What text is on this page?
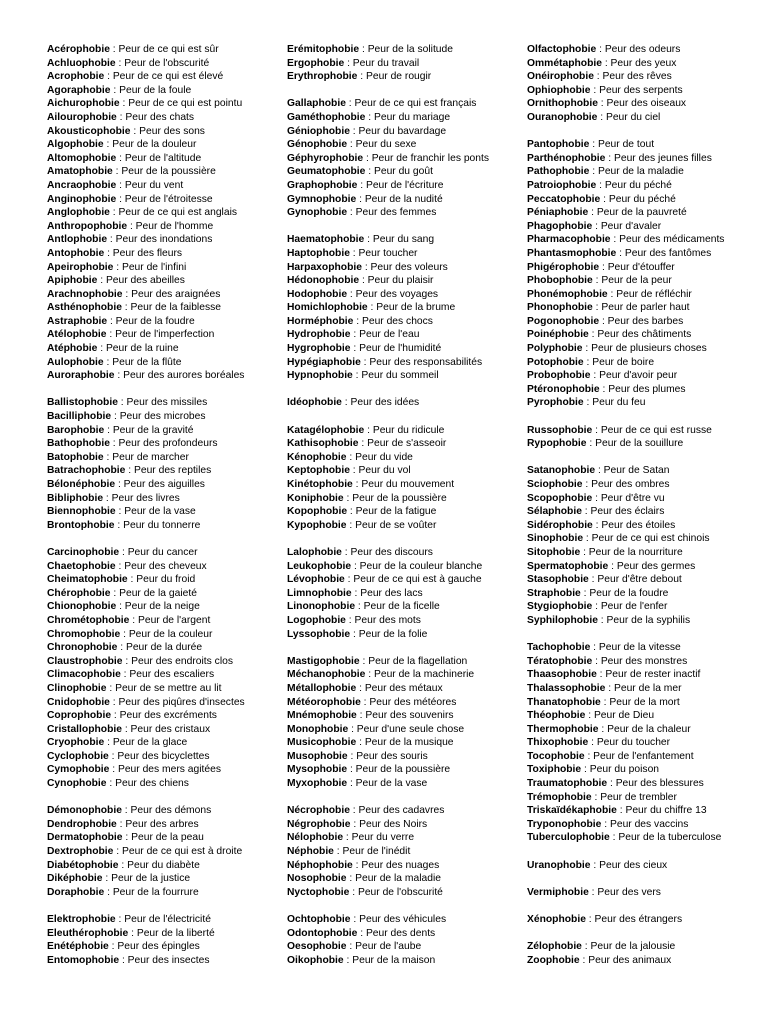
Acérophobie : Peur de ce qui est sûr

Achluophobie : Peur de l'obscurité

Acrophobie : Peur de ce qui est élevé

Agoraphobie : Peur de la foule

Aichurophobie : Peur de ce qui est pointu

Ailourophobie : Peur des chats

Akousticophobie : Peur des sons

Algophobie : Peur de la douleur

Altomophobie : Peur de l'altitude

Amatophobie : Peur de la poussière

Ancraophobie : Peur du vent

Anginophobie : Peur de l'étroitesse

Anglophobie : Peur de ce qui est anglais

Anthropophobie : Peur de l'homme

Antlophobie : Peur des inondations

Antophobie : Peur des fleurs

Apeirophobie : Peur de l'infini

Apiphobie : Peur des abeilles

Arachnophobie : Peur des araignées

Asthénophobie : Peur de la faiblesse

Astraphobie : Peur de la foudre

Atélophobie : Peur de l'imperfection

Atéphobie : Peur de la ruine

Aulophobie : Peur de la flûte

Auroraphobie : Peur des aurores boréales

Ballistophobie : Peur des missiles

Bacilliphobie : Peur des microbes

Barophobie : Peur de la gravité

Bathophobie : Peur des profondeurs

Batophobie : Peur de marcher

Batrachophobie : Peur des reptiles

Bélonéphobie : Peur des aiguilles

Bibliphobie : Peur des livres

Biennophobie : Peur de la vase

Brontophobie : Peur du tonnerre

Carcinophobie : Peur du cancer

Chaetophobie : Peur des cheveux

Cheimatophobie : Peur du froid

Chérophobie : Peur de la gaieté

Chionophobie : Peur de la neige

Chrométophobie : Peur de l'argent

Chromophobie : Peur de la couleur

Chronophobie : Peur de la durée

Claustrophobie : Peur des endroits clos

Climacophobie : Peur des escaliers

Clinophobie : Peur de se mettre au lit

Cnidophobie : Peur des piqûres d'insectes

Coprophobie : Peur des excréments

Cristallophobie : Peur des cristaux

Cryophobie : Peur de la glace

Cyclophobie : Peur des bicyclettes

Cymophobie : Peur des mers agitées

Cynophobie : Peur des chiens

Démonophobie : Peur des démons

Dendrophobie : Peur des arbres

Dermatophobie : Peur de la peau

Dextrophobie : Peur de ce qui est à droite

Diabétophobie : Peur du diabète

Diképhobie : Peur de la justice

Doraphobie : Peur de la fourrure

Elektrophobie : Peur de l'électricité

Eleuthérophobie : Peur de la liberté

Enétéphobie : Peur des épingles

Entomophobie : Peur des insectes

Erémitophobie : Peur de la solitude

Ergophobie : Peur du travail

Erythrophobie : Peur de rougir

Gallaphobie : Peur de ce qui est français

Gaméthophobie : Peur du mariage

Géniophobie : Peur du bavardage

Génophobie : Peur du sexe

Géphyrophobie : Peur de franchir les ponts

Geumatophobie : Peur du goût

Graphophobie : Peur de l'écriture

Gymnophobie : Peur de la nudité

Gynophobie : Peur des femmes

Haematophobie : Peur du sang

Haptophobie : Peur toucher

Harpaxophobie : Peur des voleurs

Hédonophobie : Peur du plaisir

Hodophobie : Peur des voyages

Homichlophobie : Peur de la brume

Horméphobie : Peur des chocs

Hydrophobie : Peur de l'eau

Hygrophobie : Peur de l'humidité

Hypégiaphobie : Peur des responsabilités

Hypnophobie : Peur du sommeil

Idéophobie : Peur des idées

Katagélophobie : Peur du ridicule

Kathisophobie : Peur de s'asseoir

Kénophobie : Peur du vide

Keptophobie : Peur du vol

Kinétophobie : Peur du mouvement

Koniphobie : Peur de la poussière

Kopophobie : Peur de la fatigue

Kypophobie : Peur de se voûter

Lalophobie : Peur des discours

Leukophobie : Peur de la couleur blanche

Lévophobie : Peur de ce qui est à gauche

Limnophobie : Peur des lacs

Linonophobie : Peur de la ficelle

Logophobie : Peur des mots

Lyssophobie : Peur de la folie

Mastigophobie : Peur de la flagellation

Méchanophobie : Peur de la machinerie

Métallophobie : Peur des métaux

Météorophobie : Peur des météores

Mnémophobie : Peur des souvenirs

Monophobie : Peur d'une seule chose

Musicophobie : Peur de la musique

Musophobie : Peur des souris

Mysophobie : Peur de la poussière

Myxophobie : Peur de la vase

Nécrophobie : Peur des cadavres

Négrophobie : Peur des Noirs

Nélophobie : Peur du verre

Néphobie : Peur de l'inédit

Néphophobie : Peur des nuages

Nosophobie : Peur de la maladie

Nyctophobie : Peur de l'obscurité

Ochtophobie : Peur des véhicules

Odontophobie : Peur des dents

Oesophobie : Peur de l'aube

Oikophobie : Peur de la maison

Olfactophobie : Peur des odeurs

Ommétaphobie : Peur des yeux

Onéirophobie : Peur des rêves

Ophiophobie : Peur des serpents

Ornithophobie : Peur des oiseaux

Ouranophobie : Peur du ciel

Pantophobie : Peur de tout

Parthénophobie : Peur des jeunes filles

Pathophobie : Peur de la maladie

Patroiophobie : Peur du péché

Peccatophobie : Peur du péché

Péniaphobie : Peur de la pauvreté

Phagophobie : Peur d'avaler

Pharmacophobie : Peur des médicaments

Phantasmophobie : Peur des fantômes

Phigérophobie : Peur d'étouffer

Phobophobie : Peur de la peur

Phonémophobie : Peur de réfléchir

Phonophobie : Peur de parler haut

Pogonophobie : Peur des barbes

Poinéphobie : Peur des châtiments

Polyphobie : Peur de plusieurs choses

Potophobie : Peur de boire

Probophobie : Peur d'avoir peur

Ptéronophobie : Peur des plumes

Pyrophobie : Peur du feu

Russophobie : Peur de ce qui est russe

Rypophobie : Peur de la souillure

Satanophobie : Peur de Satan

Sciophobie : Peur des ombres

Scopophobie : Peur d'être vu

Sélaphobie : Peur des éclairs

Sidérophobie : Peur des étoiles

Sinophobie : Peur de ce qui est chinois

Sitophobie : Peur de la nourriture

Spermatophobie : Peur des germes

Stasophobie : Peur d'être debout

Straphobie : Peur de la foudre

Stygiophobie : Peur de l'enfer

Syphilophobie : Peur de la syphilis

Tachophobie : Peur de la vitesse

Tératophobie : Peur des monstres

Thaasophobie : Peur de rester inactif

Thalassophobie : Peur de la mer

Thanatophobie : Peur de la mort

Théophobie : Peur de Dieu

Thermophobie : Peur de la chaleur

Thixophobie : Peur du toucher

Tocophobie : Peur de l'enfantement

Toxiphobie : Peur du poison

Traumatophobie : Peur des blessures

Trémophobie : Peur de trembler

Triskaïdékaphobie : Peur du chiffre 13

Tryponophobie : Peur des vaccins

Tuberculophobie : Peur de la tuberculose

Uranophobie : Peur des cieux

Vermiphobie : Peur des vers

Xénophobie : Peur des étrangers

Zélophobie : Peur de la jalousie

Zoophobie : Peur des animaux
